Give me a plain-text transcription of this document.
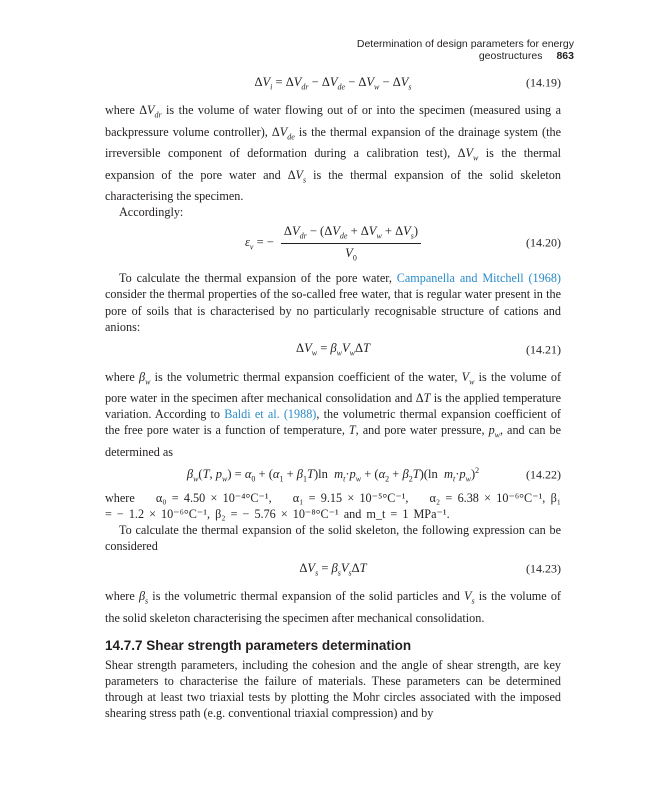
Determination of design parameters for energy geostructures 863
$\Delta V_i = \Delta V_{dr} - \Delta V_{de} - \Delta V_w - \Delta V_s$	(14.19)

where $\Delta V_{dr}$ is the volume of water flowing out of or into the specimen (measured using a backpressure volume controller), $\Delta V_{de}$ is the thermal expansion of the drainage system (the irreversible component of deformation during a calibration test), $\Delta V_w$ is the thermal expansion of the pore water and $\Delta V_s$ is the thermal expansion of the solid skeleton characterising the specimen.

Accordingly:

$\varepsilon_v$ = − $\frac{\Delta V_{dr} - (\Delta V_{de} + \Delta V_w + \Delta V_s)}{V_0}$	(14.20)

To calculate the thermal expansion of the pore water, Campanella and Mitchell (1968) consider the thermal properties of the so-called free water, that is regular water present in the pore of soils that is characterised by no particularly recognisable structure of cations and anions:

$\Delta V_w = \beta_wV_w\Delta T$	(14.21)

where $\beta_w$ is the volumetric thermal expansion coefficient of the water, $V_w$ is the volume of pore water in the specimen after mechanical consolidation and ΔT is the applied temperature variation. According to Baldi et al. (1988), the volumetric thermal expansion coefficient of the free pore water is a function of temperature, T, and pore water pressure, $p_w$, and can be determined as

$\beta_w(T$, $p_w) = \alpha_0 + (\alpha_1 + \beta_1T)\ln$  $m_t\cdot p_w + (\alpha_2 + \beta_2T)(\ln$  $m_t\cdot p_w)^2$	(14.22)

where α₀ = 4.50 × 10⁻⁴°C⁻¹, α₁ = 9.15 × 10⁻⁵°C⁻¹, α₂ = 6.38 × 10⁻⁶°C⁻¹, β₁ = − 1.2 × 10⁻⁶°C⁻¹, β₂ = − 5.76 × 10⁻⁸°C⁻¹ and m_t = 1 MPa⁻¹.

To calculate the thermal expansion of the solid skeleton, the following expression can be considered

$\Delta V_s = \beta_sV_s\Delta T$	(14.23)

where $\beta_s$ is the volumetric thermal expansion of the solid particles and $V_s$ is the volume of the solid skeleton characterising the specimen after mechanical consolidation.

14.7.7 Shear strength parameters determination

Shear strength parameters, including the cohesion and the angle of shear strength, are key parameters to characterise the failure of materials. These parameters can be determined through at least two triaxial tests by plotting the Mohr circles associated with the imposed shearing stress path (e.g. conventional triaxial compression) and by
